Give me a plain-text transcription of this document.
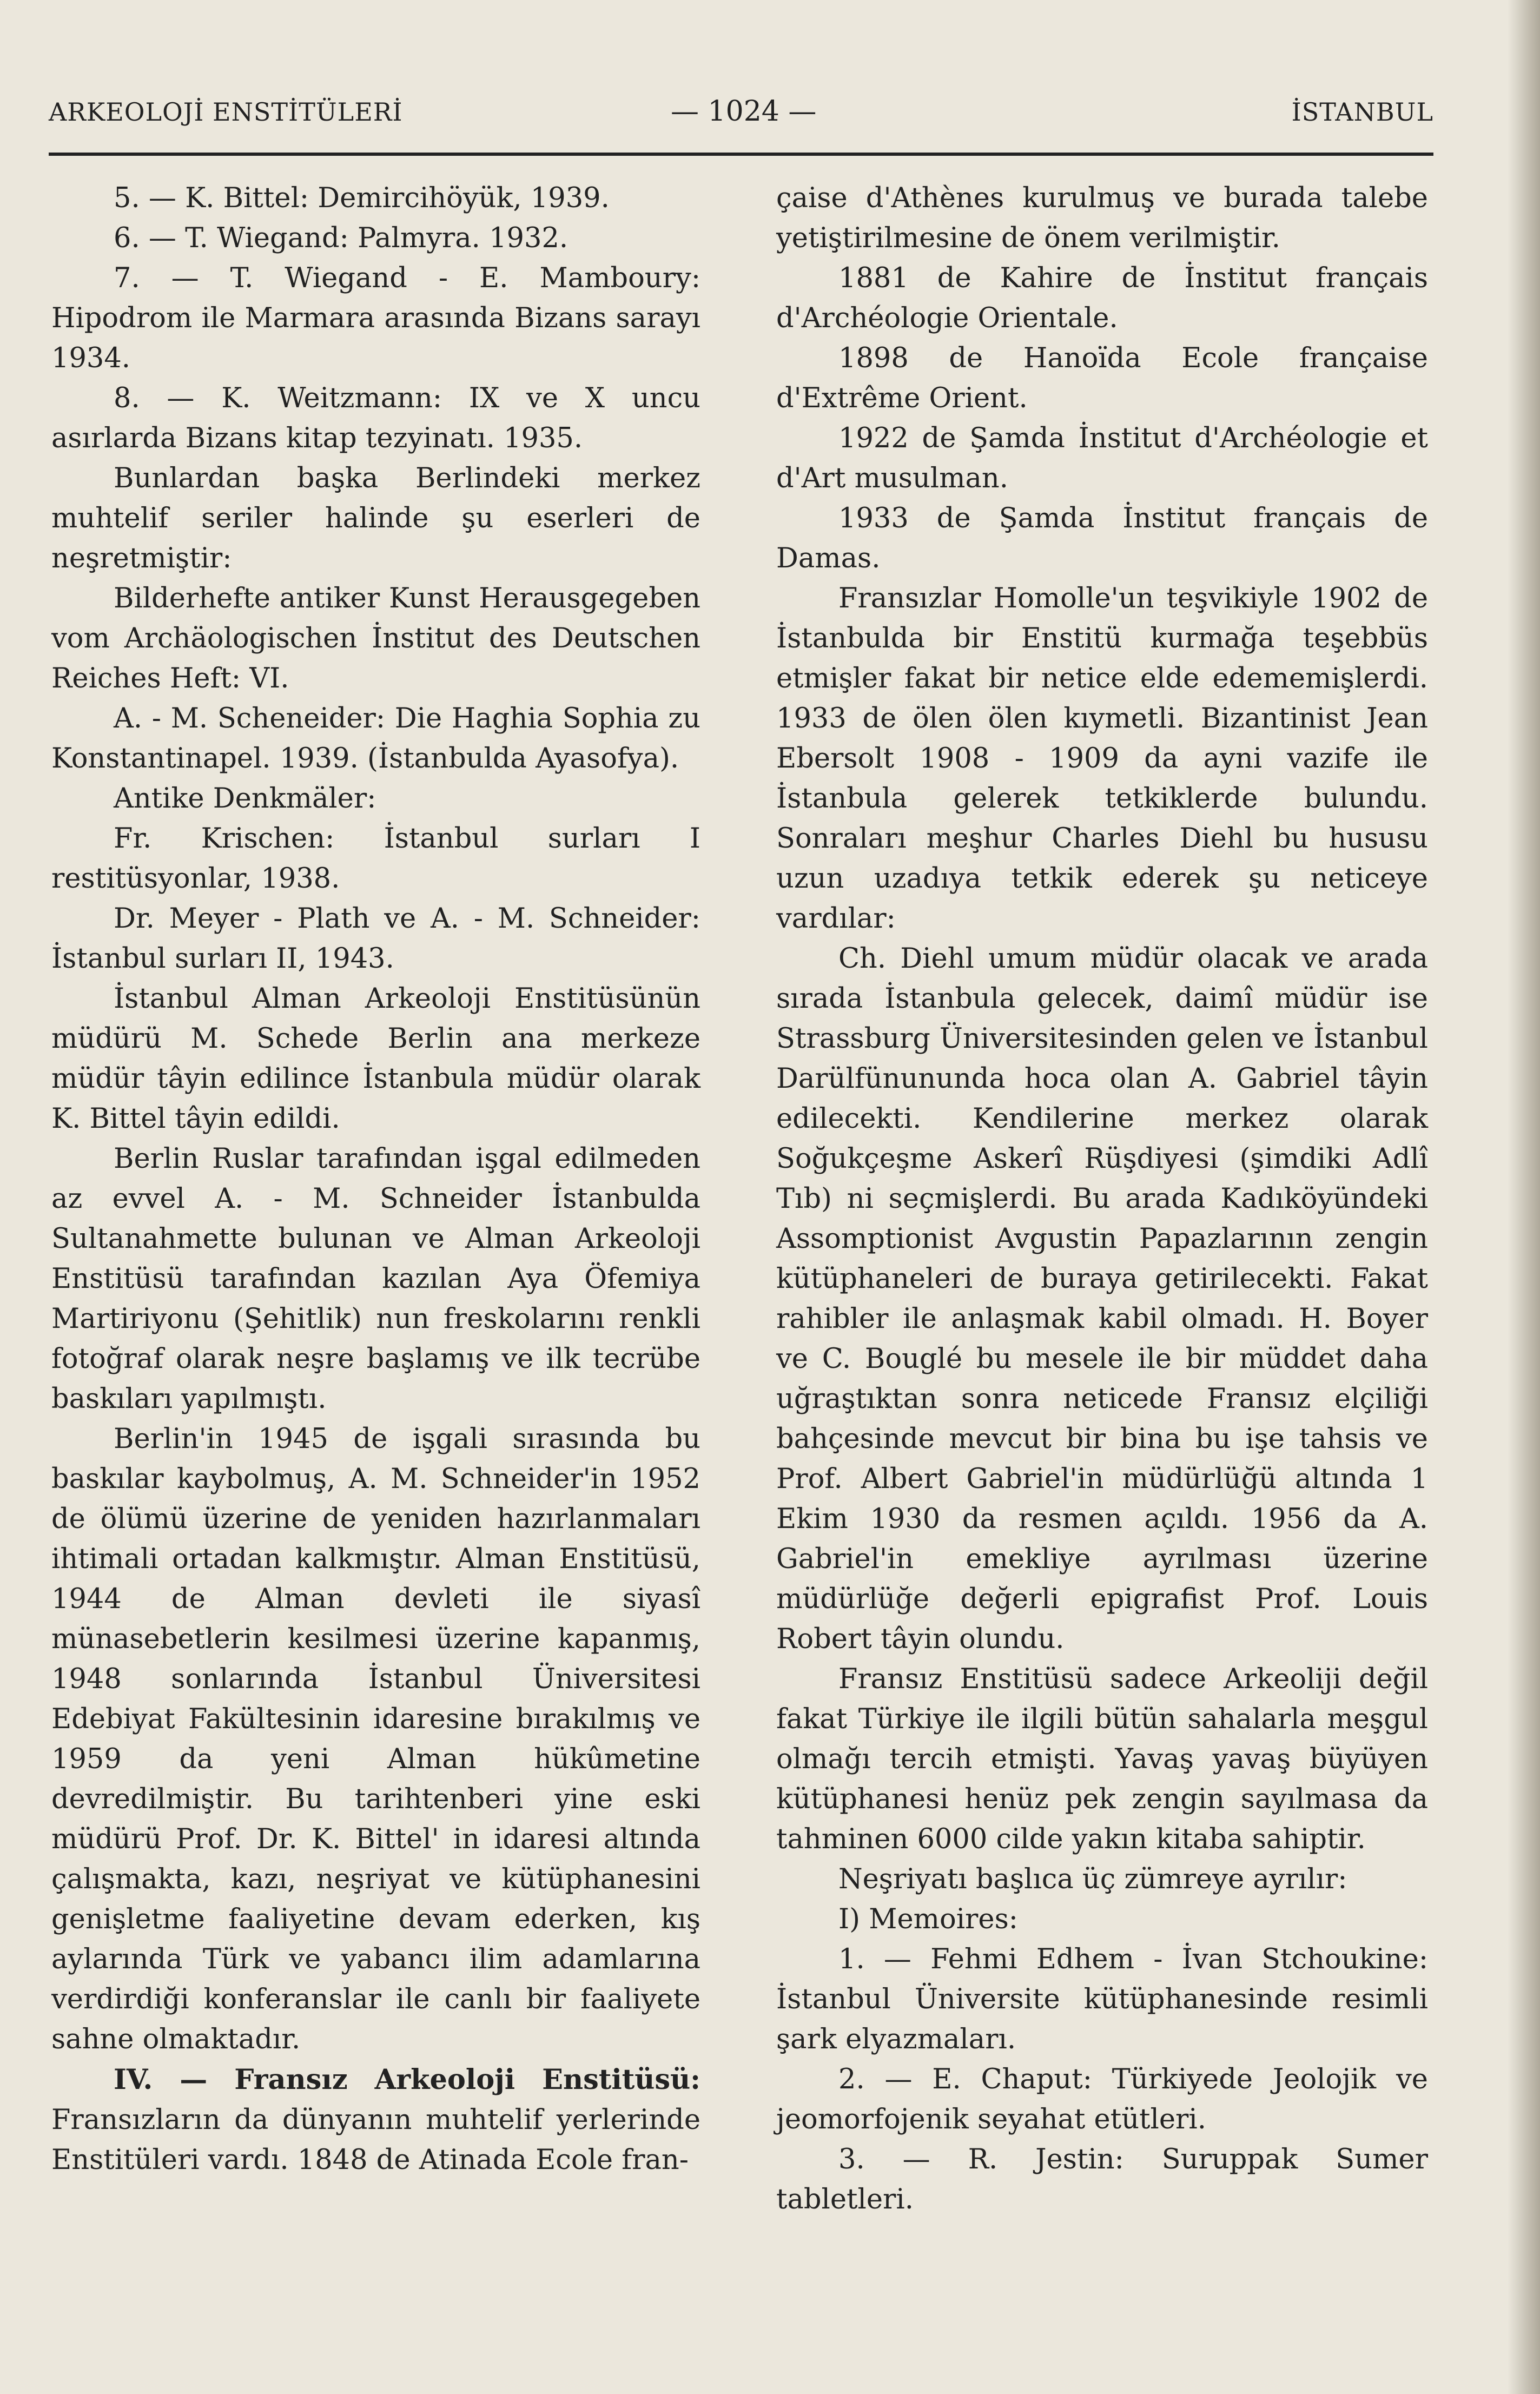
ARKEOLOJİ ENSTİTÜLERİ	— 1024 —	İSTANBUL

5. — K. Bittel: Demircihöyük, 1939.

6. — T. Wiegand: Palmyra. 1932.

7. — T. Wiegand - E. Mamboury: Hipodrom ile Marmara arasında Bizans sarayı 1934.

8. — K. Weitzmann: IX ve X uncu asırlarda Bizans kitap tezyinatı. 1935.

Bunlardan başka Berlindeki merkez muhtelif seriler halinde şu eserleri de neşretmiştir:

Bilderhefte antiker Kunst Herausgegeben vom Archäologischen İnstitut des Deutschen Reiches Heft: VI.

A. - M. Scheneider: Die Haghia Sophia zu Konstantinapel. 1939. (İstanbulda Ayasofya).

Antike Denkmäler:

Fr. Krischen: İstanbul surları I restitüsyonlar, 1938.

Dr. Meyer - Plath ve A. - M. Schneider: İstanbul surları II, 1943.

İstanbul Alman Arkeoloji Enstitüsünün müdürü M. Schede Berlin ana merkeze müdür tâyin edilince İstanbula müdür olarak K. Bittel tâyin edildi.

Berlin Ruslar tarafından işgal edilmeden az evvel A. - M. Schneider İstanbulda Sultanahmette bulunan ve Alman Arkeoloji Enstitüsü tarafından kazılan Aya Öfemiya Martiriyonu (Şehitlik) nun freskolarını renkli fotoğraf olarak neşre başlamış ve ilk tecrübe baskıları yapılmıştı.

Berlin'in 1945 de işgali sırasında bu baskılar kaybolmuş, A. M. Schneider'in 1952 de ölümü üzerine de yeniden hazırlanmaları ihtimali ortadan kalkmıştır. Alman Enstitüsü, 1944 de Alman devleti ile siyasî münasebetlerin kesilmesi üzerine kapanmış, 1948 sonlarında İstanbul Üniversitesi Edebiyat Fakültesinin idaresine bırakılmış ve 1959 da yeni Alman hükûmetine devredilmiştir. Bu tarihtenberi yine eski müdürü Prof. Dr. K. Bittel' in idaresi altında çalışmakta, kazı, neşriyat ve kütüphanesini genişletme faaliyetine devam ederken, kış aylarında Türk ve yabancı ilim adamlarına verdirdiği konferanslar ile canlı bir faaliyete sahne olmaktadır.

IV. — Fransız Arkeoloji Enstitüsü: Fransızların da dünyanın muhtelif yerlerinde Enstitüleri vardı. 1848 de Atinada Ecole fran-

çaise d'Athènes kurulmuş ve burada talebe yetiştirilmesine de önem verilmiştir.

1881 de Kahire de İnstitut français d'Archéologie Orientale.

1898 de Hanoïda Ecole française d'Extrême Orient.

1922 de Şamda İnstitut d'Archéologie et d'Art musulman.

1933 de Şamda İnstitut français de Damas.

Fransızlar Homolle'un teşvikiyle 1902 de İstanbulda bir Enstitü kurmağa teşebbüs etmişler fakat bir netice elde edememişlerdi. 1933 de ölen ölen kıymetli. Bizantinist Jean Ebersolt 1908 - 1909 da ayni vazife ile İstanbula gelerek tetkiklerde bulundu. Sonraları meşhur Charles Diehl bu hususu uzun uzadıya tetkik ederek şu neticeye vardılar:

Ch. Diehl umum müdür olacak ve arada sırada İstanbula gelecek, daimî müdür ise Strassburg Üniversitesinden gelen ve İstanbul Darülfünununda hoca olan A. Gabriel tâyin edilecekti. Kendilerine merkez olarak Soğukçeşme Askerî Rüşdiyesi (şimdiki Adlî Tıb) ni seçmişlerdi. Bu arada Kadıköyündeki Assomptionist Avgustin Papazlarının zengin kütüphaneleri de buraya getirilecekti. Fakat rahibler ile anlaşmak kabil olmadı. H. Boyer ve C. Bouglé bu mesele ile bir müddet daha uğraştıktan sonra neticede Fransız elçiliği bahçesinde mevcut bir bina bu işe tahsis ve Prof. Albert Gabriel'in müdürlüğü altında 1 Ekim 1930 da resmen açıldı. 1956 da A. Gabriel'in emekliye ayrılması üzerine müdürlüğe değerli epigrafist Prof. Louis Robert tâyin olundu.

Fransız Enstitüsü sadece Arkeoliji değil fakat Türkiye ile ilgili bütün sahalarla meşgul olmağı tercih etmişti. Yavaş yavaş büyüyen kütüphanesi henüz pek zengin sayılmasa da tahminen 6000 cilde yakın kitaba sahiptir.

Neşriyatı başlıca üç zümreye ayrılır:

I) Memoires:

1. — Fehmi Edhem - İvan Stchoukine: İstanbul Üniversite kütüphanesinde resimli şark elyazmaları.

2. — E. Chaput: Türkiyede Jeolojik ve jeomorfojenik seyahat etütleri.

3. — R. Jestin: Suruppak Sumer tabletleri.
